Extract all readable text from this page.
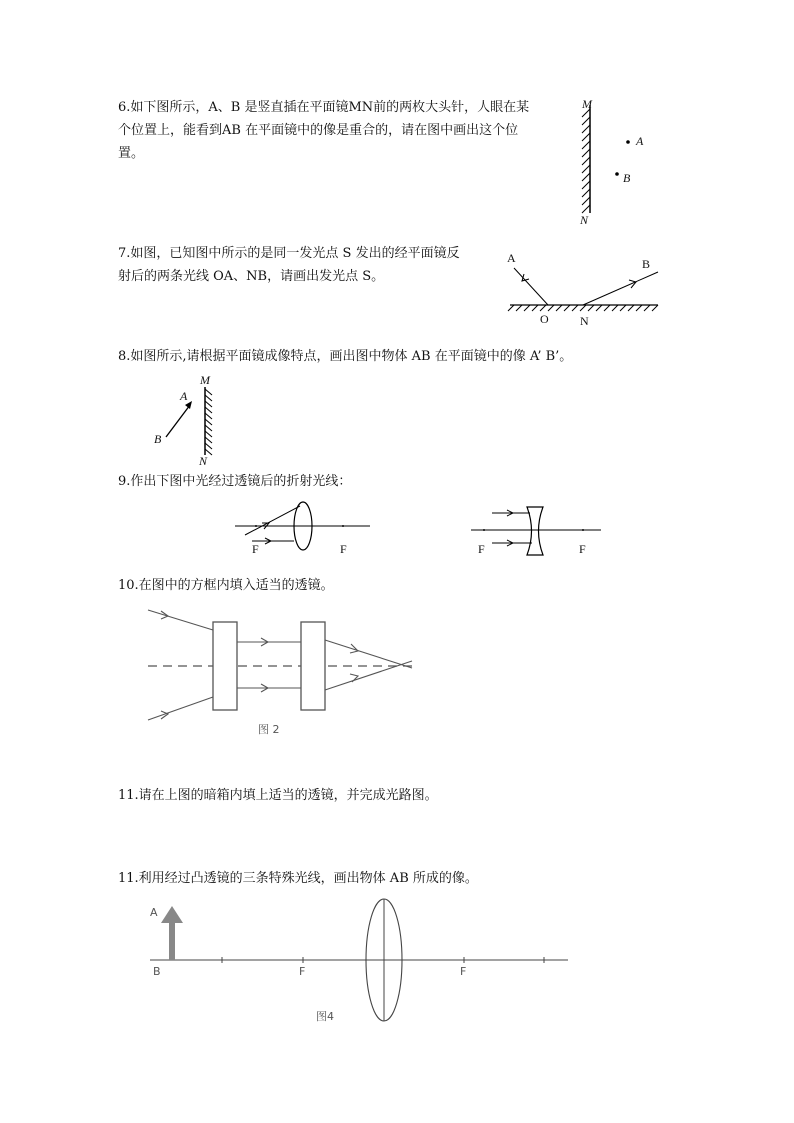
6.如下图所示，A、B 是竖直插在平面镜MN前的两枚大头针，人眼在某
个位置上，能看到AB 在平面镜中的像是重合的，请在图中画出这个位
置。

M
N
A
B

7.如图，已知图中所示的是同一发光点 S 发出的经平面镜反
射后的两条光线 OA、NB，请画出发光点 S。

A	B
O	N

8.如图所示,请根据平面镜成像特点，画出图中物体 AB 在平面镜中的像 A’ B’。

M
N
A
B

9.作出下图中光经过透镜后的折射光线：

F	F	F	F

10.在图中的方框内填入适当的透镜。

图 2

11.请在上图的暗箱内填上适当的透镜，并完成光路图。

11.利用经过凸透镜的三条特殊光线，画出物体 AB 所成的像。

A
B	F	F
图4
